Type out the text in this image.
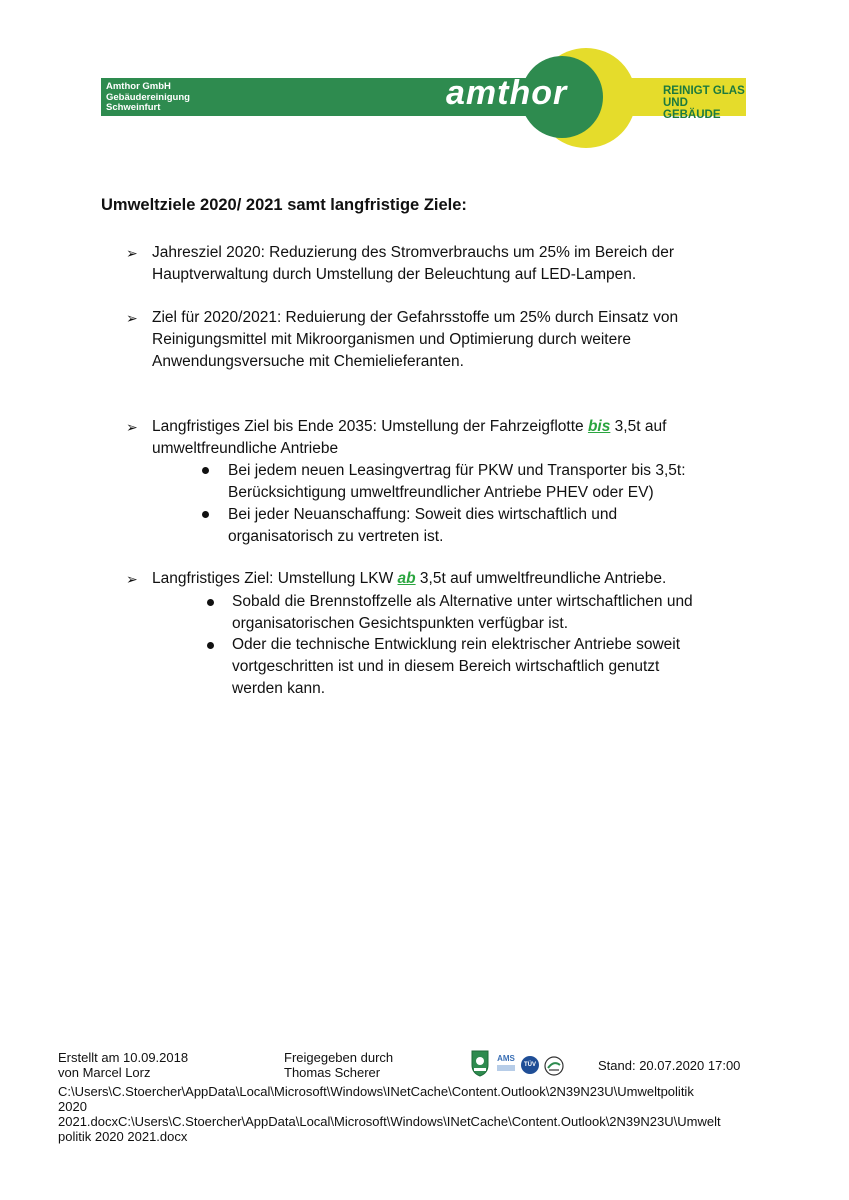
Amthor GmbH
Gebäudereinigung
Schweinfurt	amthor	REINIGT GLAS
UND GEBÄUDE
Umweltziele 2020/ 2021 samt langfristige Ziele:
➢ Jahresziel 2020: Reduzierung des Stromverbrauchs um 25% im Bereich der
Hauptverwaltung durch Umstellung der Beleuchtung auf LED-Lampen.
➢ Ziel für 2020/2021: Reduierung der Gefahrsstoffe um 25% durch Einsatz von
Reinigungsmittel mit Mikroorganismen und Optimierung durch weitere
Anwendungsversuche mit Chemielieferanten.
➢ Langfristiges Ziel bis Ende 2035: Umstellung der Fahrzeigflotte bis 3,5t auf
umweltfreundliche Antriebe
Bei jedem neuen Leasingvertrag für PKW und Transporter bis 3,5t:
Berücksichtigung umweltfreundlicher Antriebe PHEV oder EV)
Bei jeder Neuanschaffung: Soweit dies wirtschaftlich und
organisatorisch zu vertreten ist.
➢ Langfristiges Ziel: Umstellung LKW ab 3,5t auf umweltfreundliche Antriebe.
Sobald die Brennstoffzelle als Alternative unter wirtschaftlichen und
organisatorischen Gesichtspunkten verfügbar ist.
Oder die technische Entwicklung rein elektrischer Antriebe soweit
vortgeschritten ist und in diesem Bereich wirtschaftlich genutzt
werden kann.
Erstellt am 10.09.2018
von Marcel Lorz
Freigegeben durch
Thomas Scherer
AMS
TÜV	Stand: 20.07.2020 17:00
C:\Users\C.Stoercher\AppData\Local\Microsoft\Windows\INetCache\Content.Outlook\2N39N23U\Umweltpolitik
2020
2021.docxC:\Users\C.Stoercher\AppData\Local\Microsoft\Windows\INetCache\Content.Outlook\2N39N23U\Umwelt
politik 2020 2021.docx
